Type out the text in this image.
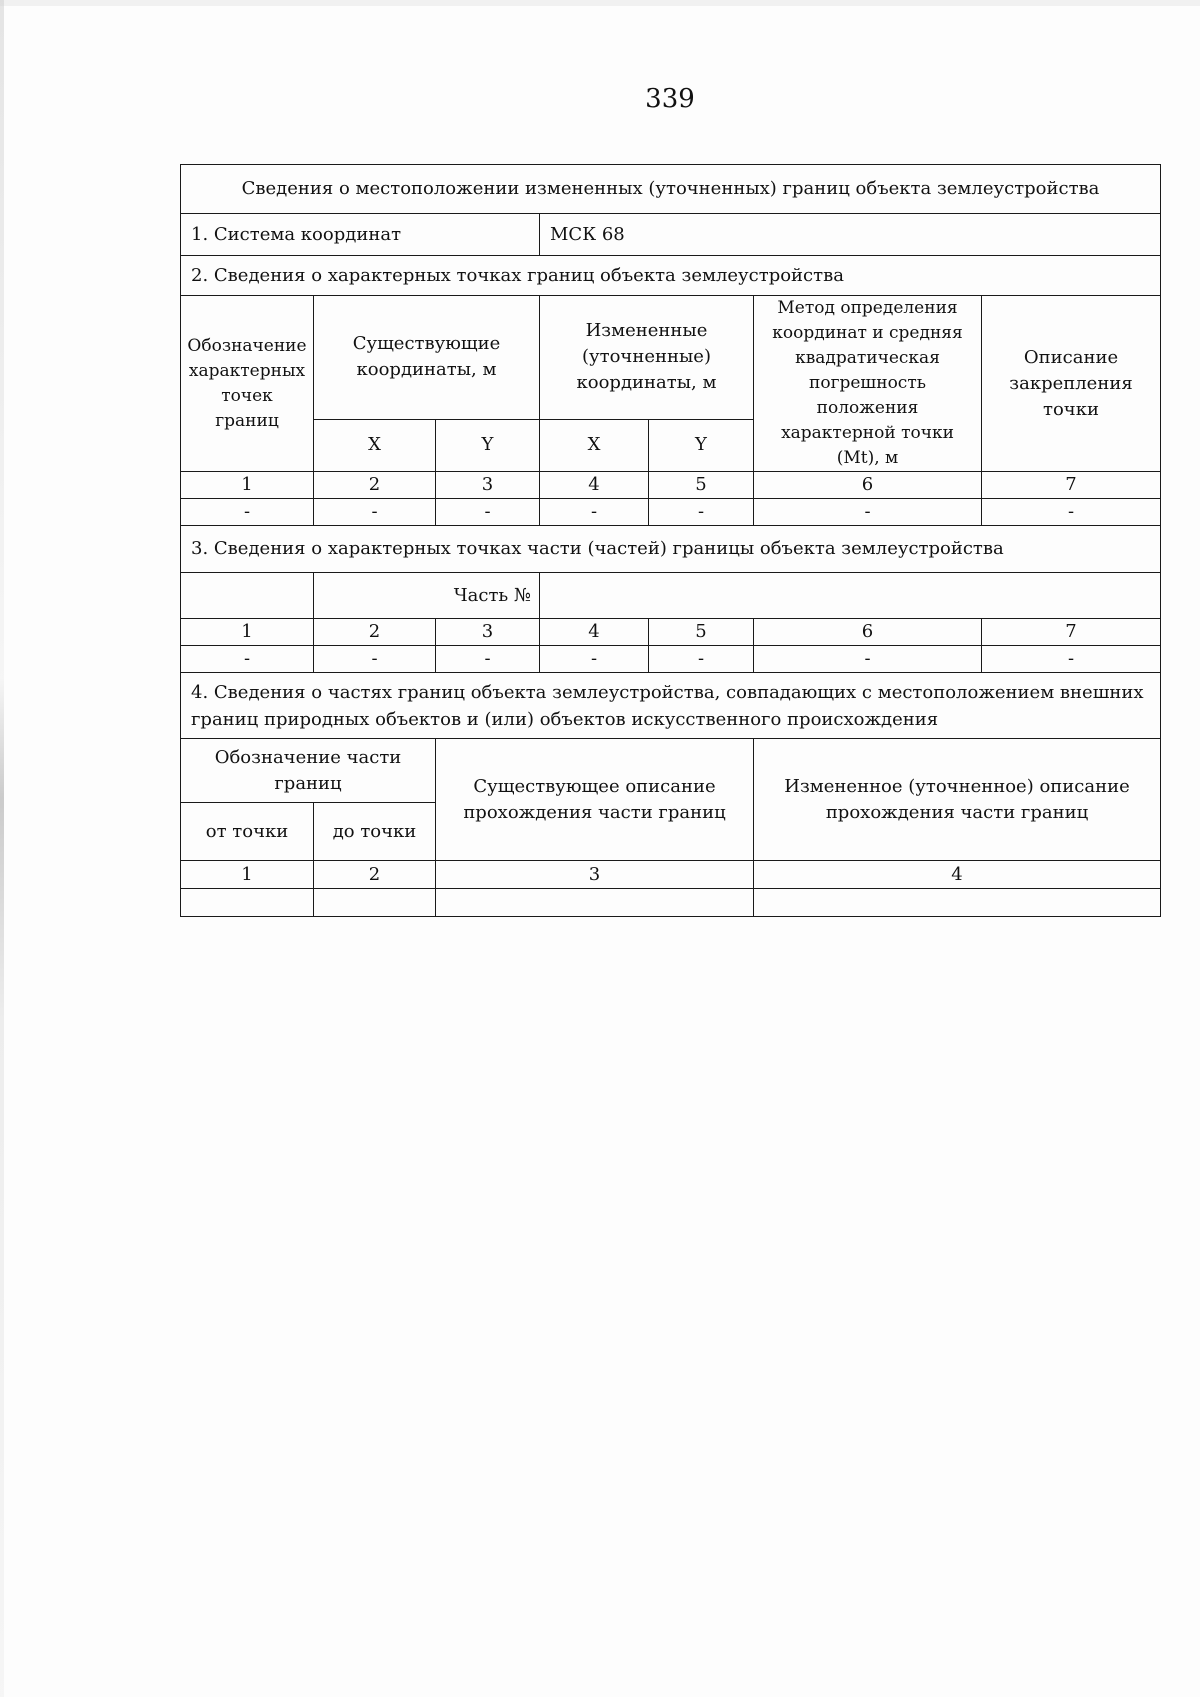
339
Сведения о местоположении измененных (уточненных) границ объекта землеустройства						
1. Система координат			МСК 68			
2. Сведения о характерных точках границ объекта землеустройства						
Обозначение характерных точек границ	Существующие координаты, м		Измененные (уточненные) координаты, м		Метод определения координат и средняя квадратическая погрешность положения характерной точки (Mt), м	Описание закрепления точки
	X	Y	X	Y		
1	2	3	4	5	6	7
-	-	-	-	-	-	-
3. Сведения о характерных точках части (частей) границы объекта землеустройства						
	Часть №					
1	2	3	4	5	6	7
-	-	-	-	-	-	-
4. Сведения о частях границ объекта землеустройства, совпадающих с местоположением внешних границ природных объектов и (или) объектов искусственного происхождения						
Обозначение части границ		Существующее описание прохождения части границ			Измененное (уточненное) описание прохождения части границ	
от точки	до точки					
1	2	3			4	
